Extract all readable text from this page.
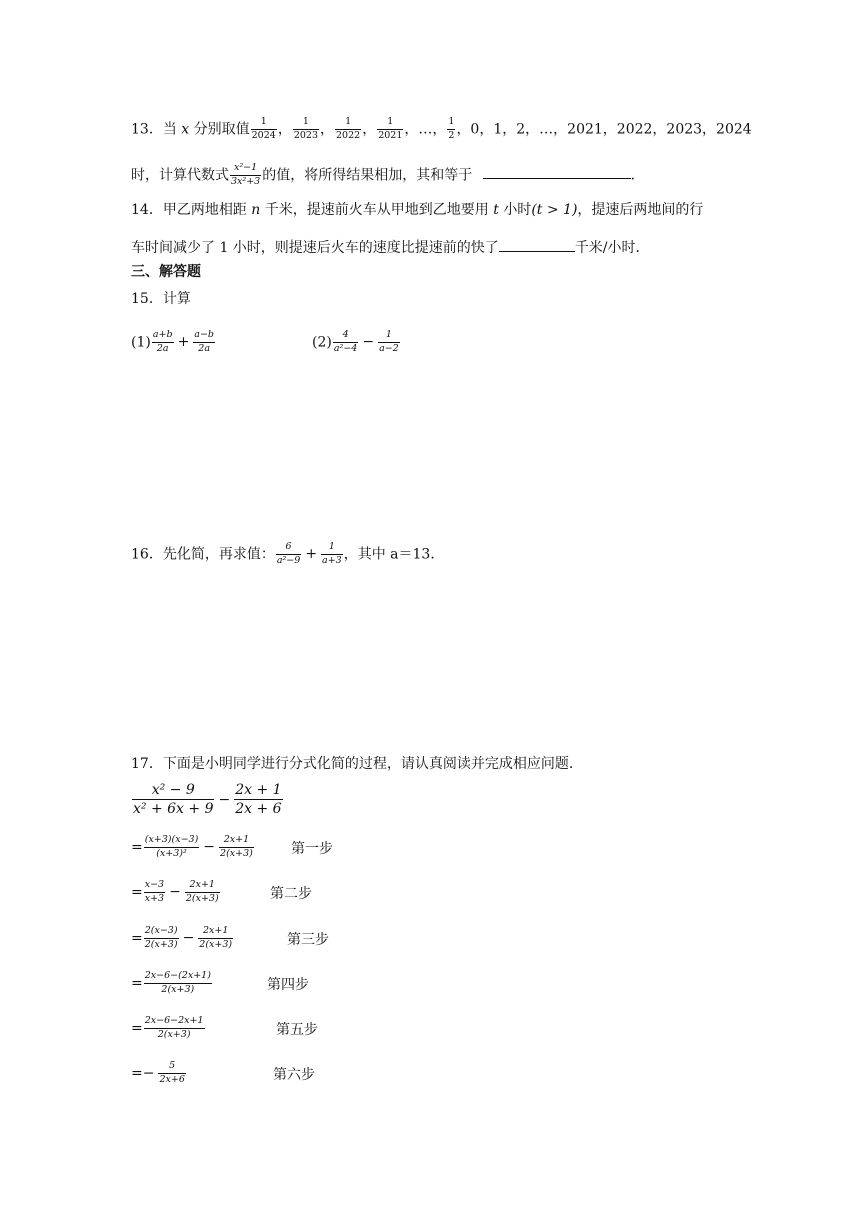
13．当 x 分别取值 $\frac{1}{2024}$ ， $\frac{1}{2023}$ ， $\frac{1}{2022}$ ， $\frac{1}{2021}$ ，…， $\frac{1}{2}$ ，0，1，2，…，2021，2022，2023，2024
时，计算代数式 $\frac{\text{x²−1}}{\text{3x²+3}}$ 的值，将所得结果相加，其和等于	.
14．甲乙两地相距 n 千米，提速前火车从甲地到乙地要用 t 小时(t > 1)，提速后两地间的行
车时间减少了 1 小时，则提速后火车的速度比提速前的快了	千米/小时．
三、解答题
15．计算
$(1) \frac{a+b}{2a} + \frac{a-b}{2a}$	$(2) \frac{4}{\text{a²−4}} - \frac{1}{a-2}$
16．先化简，再求值： $\frac{6}{\text{a²−9}} + \frac{1}{a+3}$ ，其中 a＝13．
17．下面是小明同学进行分式化简的过程，请认真阅读并完成相应问题．
$\frac{\text{x² − 9}}{\text{x² + 6x + 9}} - \frac{2x + 1}{2x + 6}$
= $\frac{(x+3)(x-3)}{\text{(x+3)²}} - \frac{2x+1}{2(x+3)}$	第一步
= $\frac{x-3}{x+3} - \frac{2x+1}{2(x+3)}$	第二步
= $\frac{2(x-3)}{2(x+3)} - \frac{2x+1}{2(x+3)}$	第三步
= $\frac{2x-6-(2x+1)}{2(x+3)}$	第四步
= $\frac{2x-6-2x+1}{2(x+3)}$	第五步
=− $\frac{5}{2x+6}$	第六步
